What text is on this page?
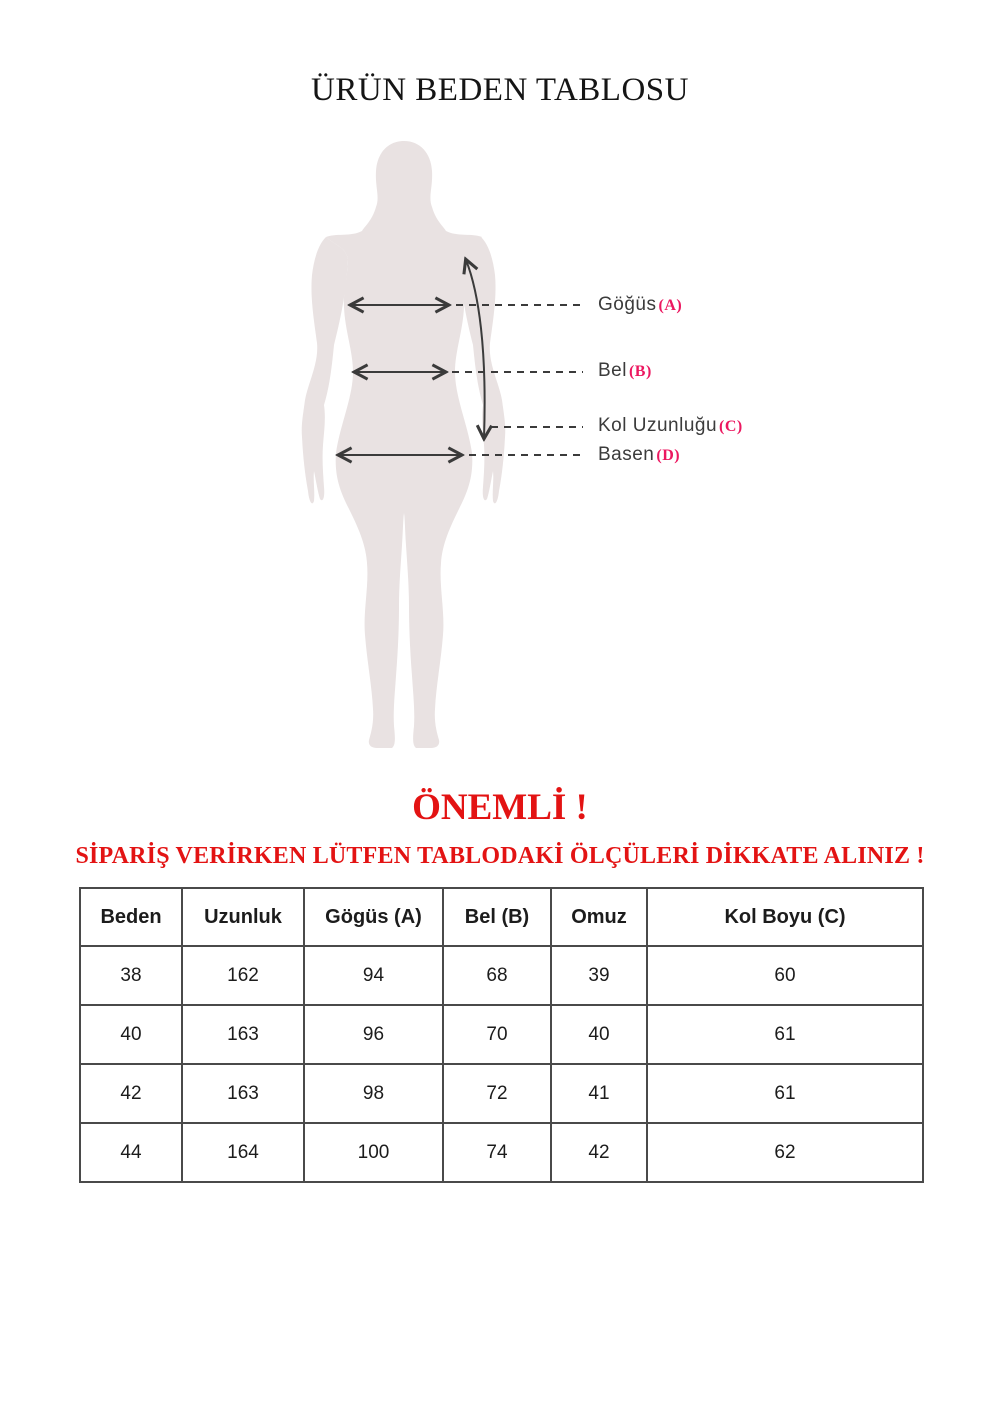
ÜRÜN BEDEN TABLOSU
Göğüs (A)
Bel (B)
Kol Uzunluğu (C)
Basen (D)
ÖNEMLİ !
SİPARİŞ VERİRKEN LÜTFEN TABLODAKİ ÖLÇÜLERİ DİKKATE ALINIZ !
Beden	Uzunluk	Gögüs (A)	Bel (B)	Omuz	Kol Boyu (C)
38	162	94	68	39	60
40	163	96	70	40	61
42	163	98	72	41	61
44	164	100	74	42	62
